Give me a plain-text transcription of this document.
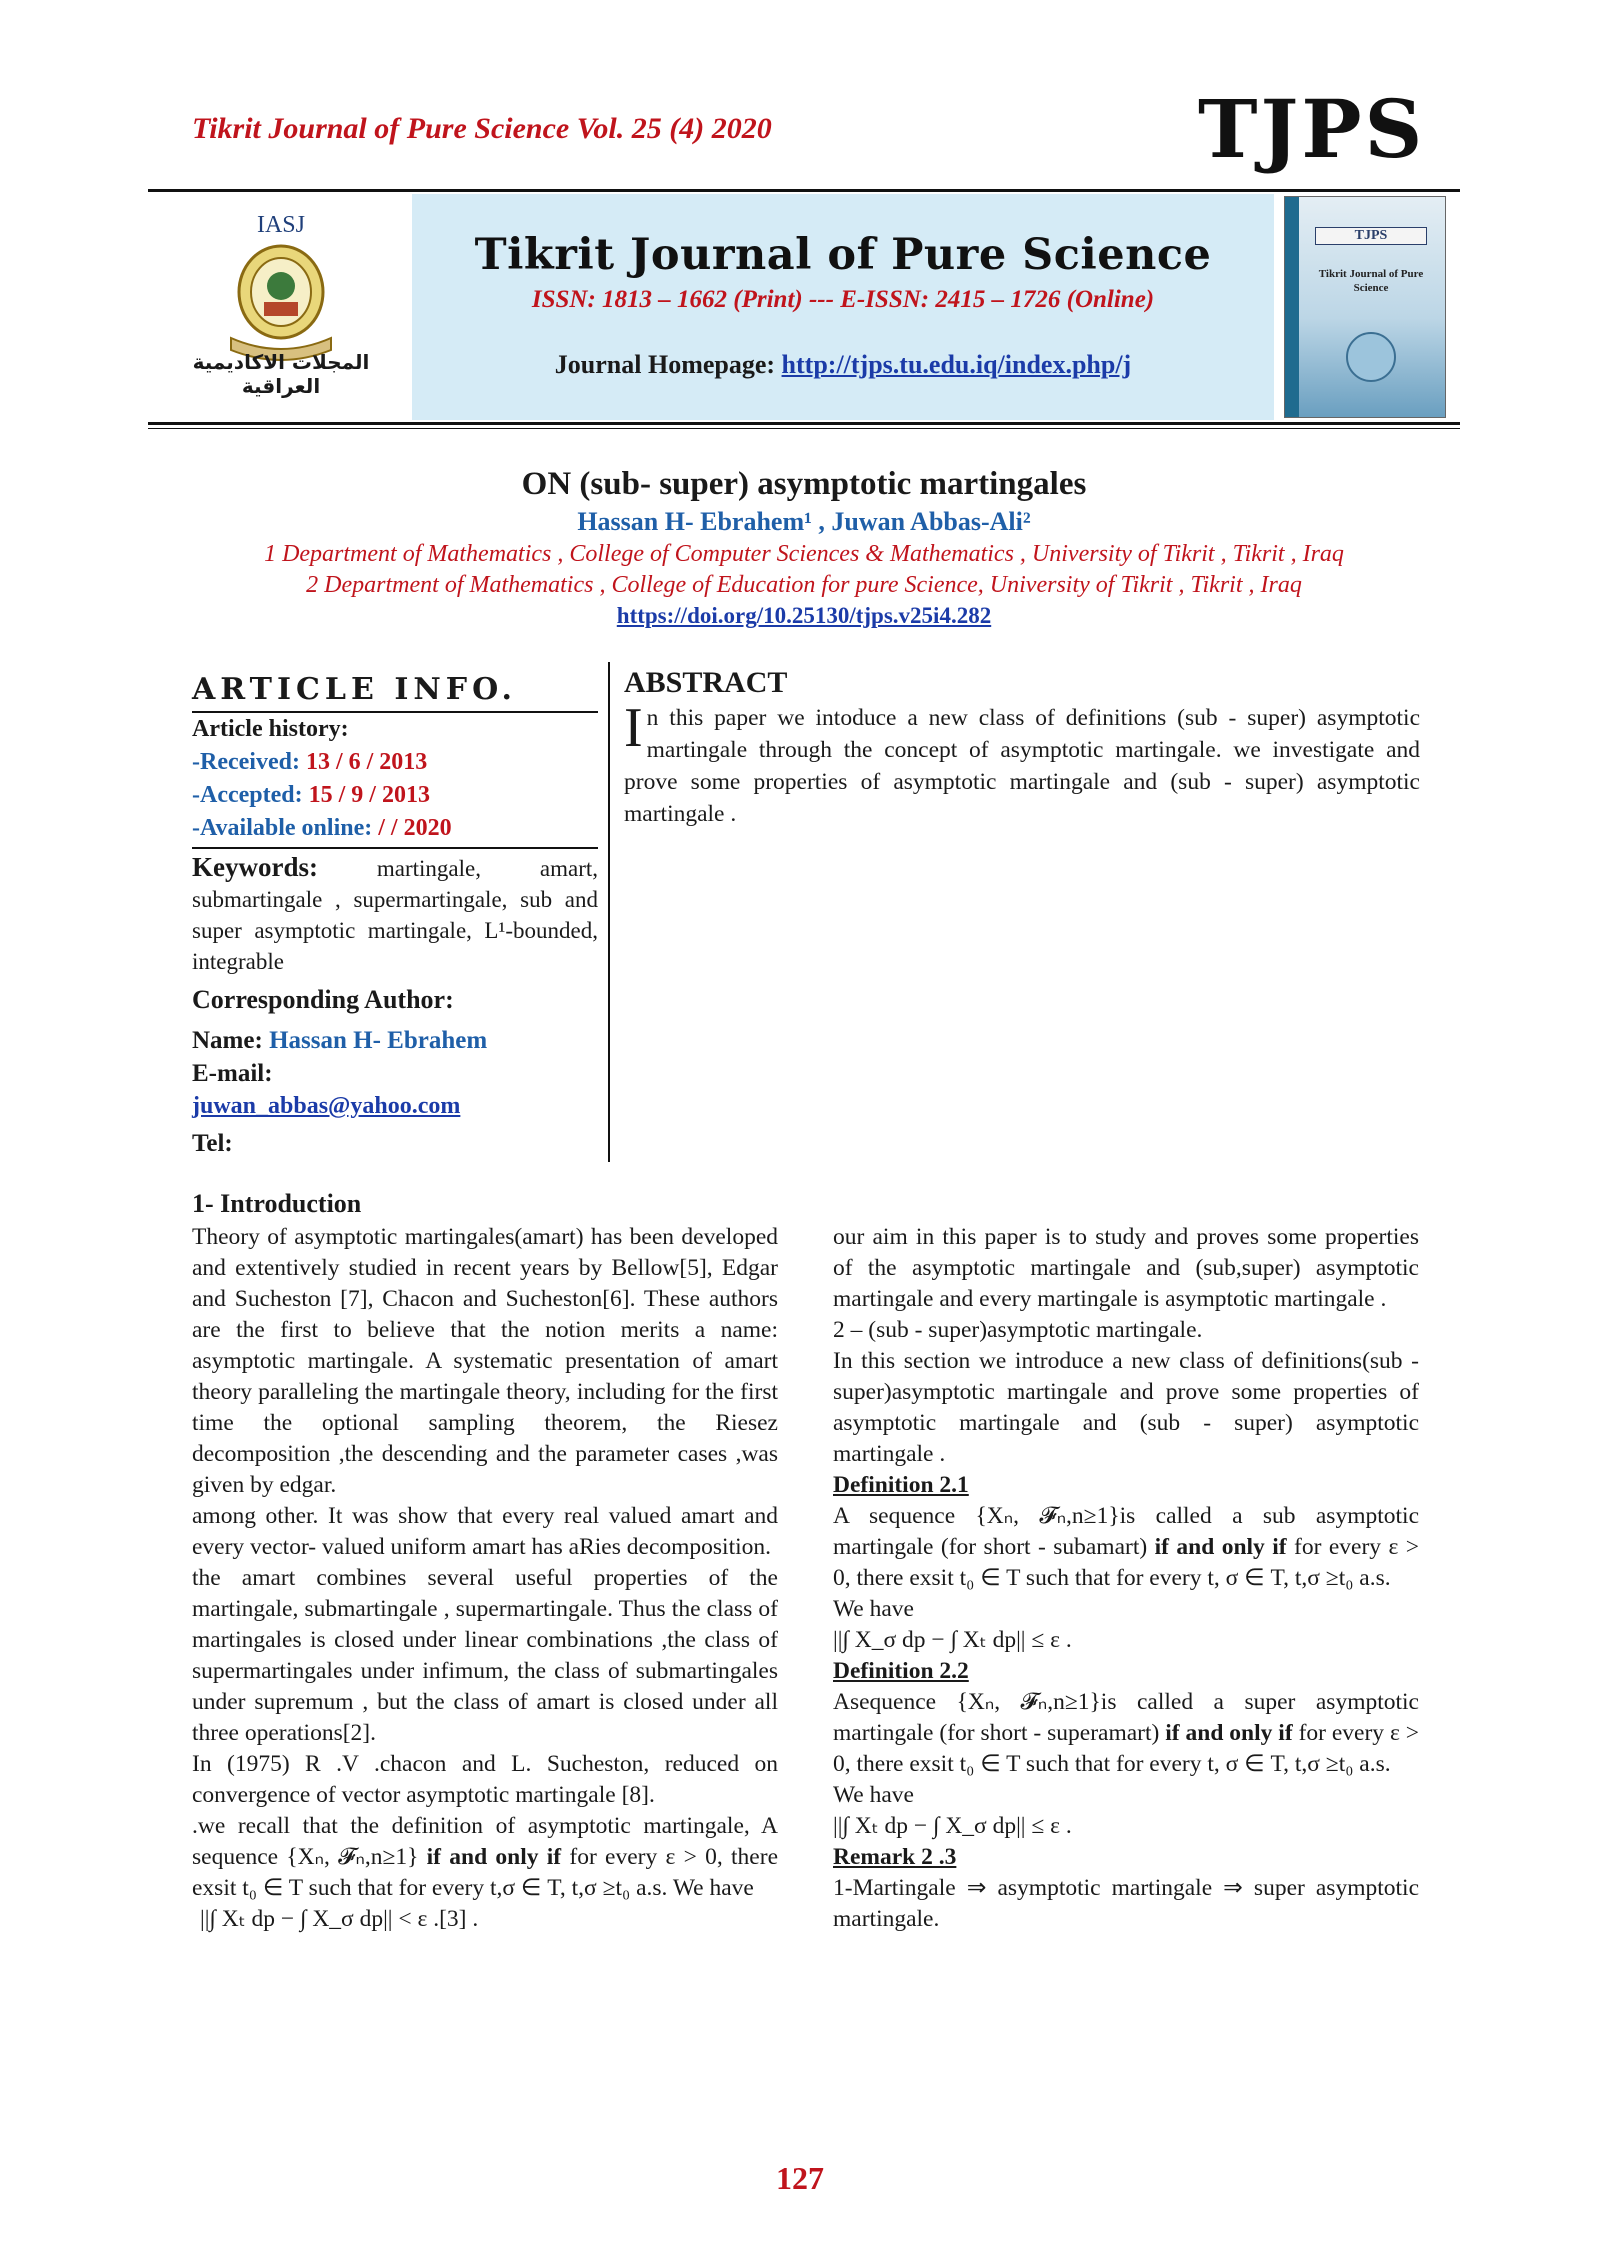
Tikrit Journal of Pure Science Vol. 25 (4) 2020	TJPS
IASJ
المجلات الاكاديمية العراقية
Tikrit Journal of Pure Science
ISSN: 1813 – 1662 (Print) --- E-ISSN: 2415 – 1726 (Online)
Journal Homepage: http://tjps.tu.edu.iq/index.php/j
TJPS
Tikrit Journal of Pure Science
ON (sub- super) asymptotic martingales
Hassan H- Ebrahem¹ , Juwan Abbas-Ali²
1 Department of Mathematics , College of Computer Sciences & Mathematics , University of Tikrit , Tikrit , Iraq
2 Department of Mathematics , College of Education for pure Science, University of Tikrit , Tikrit , Iraq
https://doi.org/10.25130/tjps.v25i4.282
ARTICLE INFO.
Article history:
-Received: 13 / 6 / 2013
-Accepted: 15 / 9 / 2013
-Available online: / / 2020
Keywords:	martingale, amart, submartingale , supermartingale, sub and super asymptotic martingale, L¹-bounded, integrable
Corresponding Author:
Name: Hassan H- Ebrahem
E-mail:
juwan_abbas@yahoo.com
Tel:
ABSTRACT
In this paper we intoduce a new class of definitions (sub - super) asymptotic martingale through the concept of asymptotic martingale. we investigate and prove some properties of asymptotic martingale and (sub - super) asymptotic martingale .
1- Introduction

Theory of asymptotic martingales(amart) has been developed and extentively studied in recent years by Bellow[5], Edgar and Sucheston [7], Chacon and Sucheston[6]. These authors are the first to believe that the notion merits a name: asymptotic martingale. A systematic presentation of amart theory paralleling the martingale theory, including for the first time the optional sampling theorem, the Riesez decomposition ,the descending and the parameter cases ,was given by edgar.

among other. It was show that every real valued amart and every vector- valued uniform amart has aRies decomposition.

the amart combines several useful properties of the martingale, submartingale , supermartingale. Thus the class of martingales is closed under linear combinations ,the class of supermartingales under infimum, the class of submartingales under supremum , but the class of amart is closed under all three operations[2].

In (1975) R .V .chacon and L. Sucheston, reduced on convergence of vector asymptotic martingale [8].

.we recall that the definition of asymptotic martingale, A sequence {Xₙ, 𝓕ₙ,n≥1} if and only if for every ε > 0, there exsit t₀ ∈ T such that for every t,σ ∈ T, t,σ ≥t₀ a.s. We have

||∫ Xₜ dp − ∫ X_σ dp|| < ε .[3] .

our aim in this paper is to study and proves some properties of the asymptotic martingale and (sub,super) asymptotic martingale and every martingale is asymptotic martingale .

2 – (sub - super)asymptotic martingale.

In this section we introduce a new class of definitions(sub - super)asymptotic martingale and prove some properties of asymptotic martingale and (sub - super) asymptotic martingale .

Definition 2.1

A sequence {Xₙ, 𝓕ₙ,n≥1}is called a sub asymptotic martingale (for short - subamart) if and only if for every ε > 0, there exsit t₀ ∈ T such that for every t, σ ∈ T, t,σ ≥t₀ a.s.

We have

||∫ X_σ dp − ∫ Xₜ dp|| ≤ ε .

Definition 2.2

Asequence {Xₙ, 𝓕ₙ,n≥1}is called a super asymptotic martingale (for short - superamart) if and only if for every ε > 0, there exsit t₀ ∈ T such that for every t, σ ∈ T, t,σ ≥t₀ a.s.

We have

||∫ Xₜ dp − ∫ X_σ dp|| ≤ ε .

Remark 2 .3

1-Martingale ⇒ asymptotic martingale ⇒ super asymptotic martingale.

127
